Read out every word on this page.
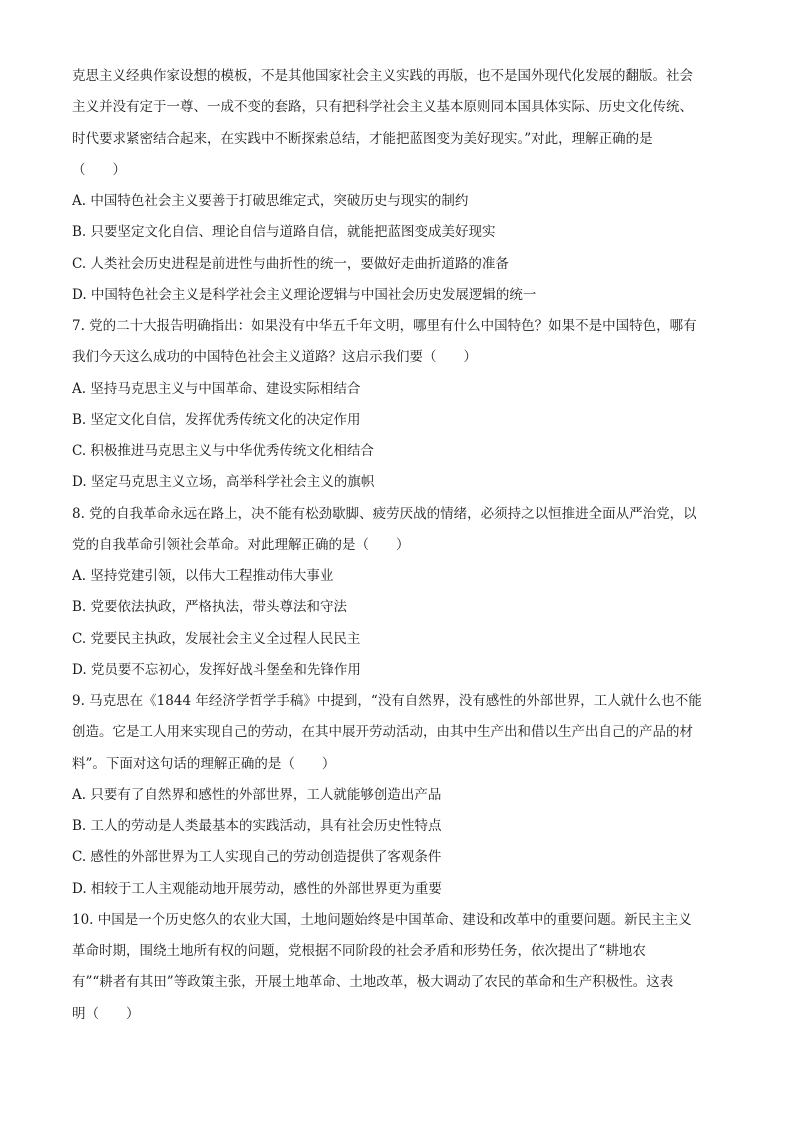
克思主义经典作家设想的模板，不是其他国家社会主义实践的再版，也不是国外现代化发展的翻版。社会
主义并没有定于一尊、一成不变的套路，只有把科学社会主义基本原则同本国具体实际、历史文化传统、
时代要求紧密结合起来，在实践中不断探索总结，才能把蓝图变为美好现实。”对此，理解正确的是
（　　）
A. 中国特色社会主义要善于打破思维定式，突破历史与现实的制约
B. 只要坚定文化自信、理论自信与道路自信，就能把蓝图变成美好现实
C. 人类社会历史进程是前进性与曲折性的统一，要做好走曲折道路的准备
D. 中国特色社会主义是科学社会主义理论逻辑与中国社会历史发展逻辑的统一
7. 党的二十大报告明确指出：如果没有中华五千年文明，哪里有什么中国特色？如果不是中国特色，哪有
我们今天这么成功的中国特色社会主义道路？这启示我们要（　　）
A. 坚持马克思主义与中国革命、建设实际相结合
B. 坚定文化自信，发挥优秀传统文化的决定作用
C. 积极推进马克思主义与中华优秀传统文化相结合
D. 坚定马克思主义立场，高举科学社会主义的旗帜
8. 党的自我革命永远在路上，决不能有松劲歇脚、疲劳厌战的情绪，必须持之以恒推进全面从严治党，以
党的自我革命引领社会革命。对此理解正确的是（　　）
A. 坚持党建引领，以伟大工程推动伟大事业
B. 党要依法执政，严格执法，带头尊法和守法
C. 党要民主执政，发展社会主义全过程人民民主
D. 党员要不忘初心，发挥好战斗堡垒和先锋作用
9. 马克思在《1844 年经济学哲学手稿》中提到，“没有自然界，没有感性的外部世界，工人就什么也不能
创造。它是工人用来实现自己的劳动，在其中展开劳动活动，由其中生产出和借以生产出自己的产品的材
料”。下面对这句话的理解正确的是（　　）
A. 只要有了自然界和感性的外部世界，工人就能够创造出产品
B. 工人的劳动是人类最基本的实践活动，具有社会历史性特点
C. 感性的外部世界为工人实现自己的劳动创造提供了客观条件
D. 相较于工人主观能动地开展劳动，感性的外部世界更为重要
10. 中国是一个历史悠久的农业大国，土地问题始终是中国革命、建设和改革中的重要问题。新民主主义
革命时期，围绕土地所有权的问题，党根据不同阶段的社会矛盾和形势任务，依次提出了“耕地农
有”“耕者有其田”等政策主张，开展土地革命、土地改革，极大调动了农民的革命和生产积极性。这表
明（　　）
